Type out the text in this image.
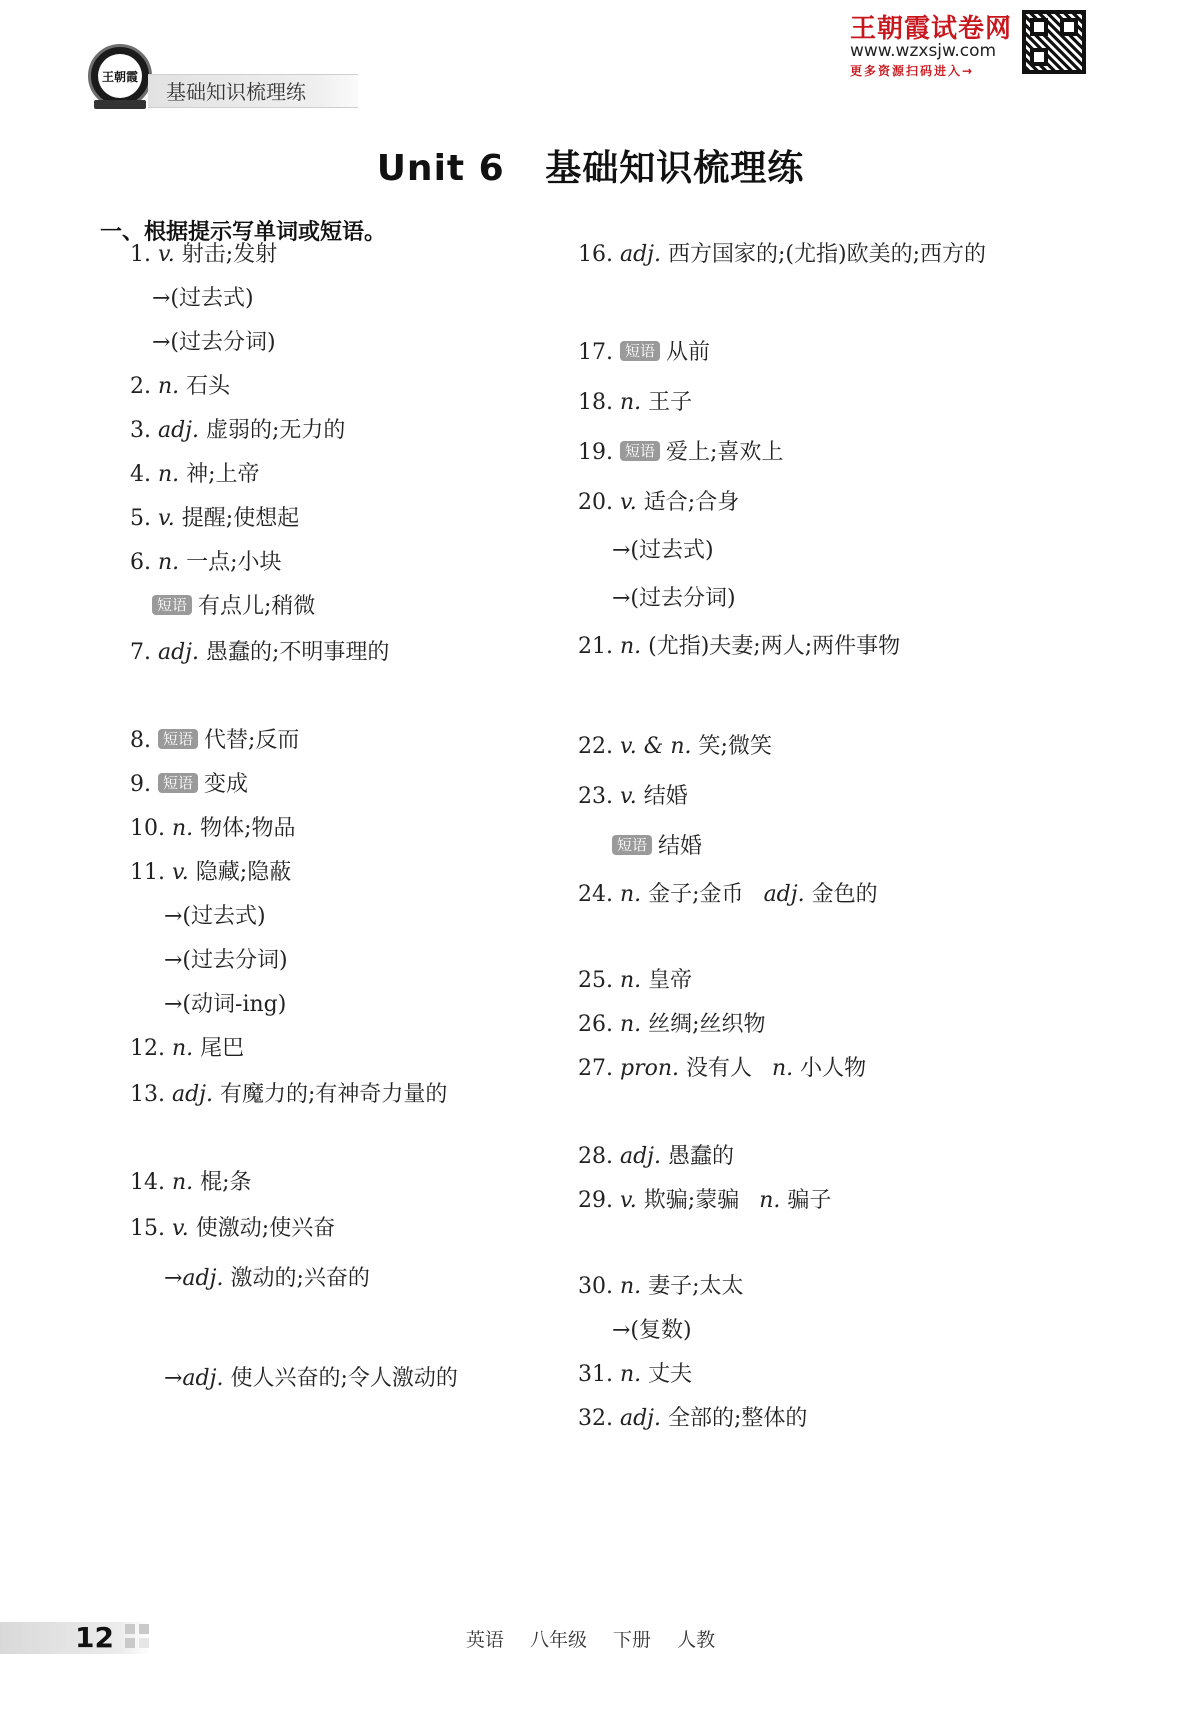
王朝霞
基础知识梳理练
王朝霞试卷网
www.wzxsjw.com
更多资源扫码进入→
Unit 6   基础知识梳理练
一、根据提示写单词或短语。
1. v. 射击;发射
→(过去式)
→(过去分词)
2. n. 石头
3. adj. 虚弱的;无力的
4. n. 神;上帝
5. v. 提醒;使想起
6. n. 一点;小块
短语 有点儿;稍微
7. adj. 愚蠢的;不明事理的
8. 短语 代替;反而
9. 短语 变成
10. n. 物体;物品
11. v. 隐藏;隐蔽
→(过去式)
→(过去分词)
→(动词-ing)
12. n. 尾巴
13. adj. 有魔力的;有神奇力量的
14. n. 棍;条
15. v. 使激动;使兴奋
→adj. 激动的;兴奋的
→adj. 使人兴奋的;令人激动的
16. adj. 西方国家的;(尤指)欧美的;西方的
17. 短语 从前
18. n. 王子
19. 短语 爱上;喜欢上
20. v. 适合;合身
→(过去式)
→(过去分词)
21. n. (尤指)夫妻;两人;两件事物
22. v. & n. 笑;微笑
23. v. 结婚
短语 结婚
24. n. 金子;金币 adj. 金色的
25. n. 皇帝
26. n. 丝绸;丝织物
27. pron. 没有人 n. 小人物
28. adj. 愚蠢的
29. v. 欺骗;蒙骗 n. 骗子
30. n. 妻子;太太
→(复数)
31. n. 丈夫
32. adj. 全部的;整体的
12	英语 八年级 下册 人教
